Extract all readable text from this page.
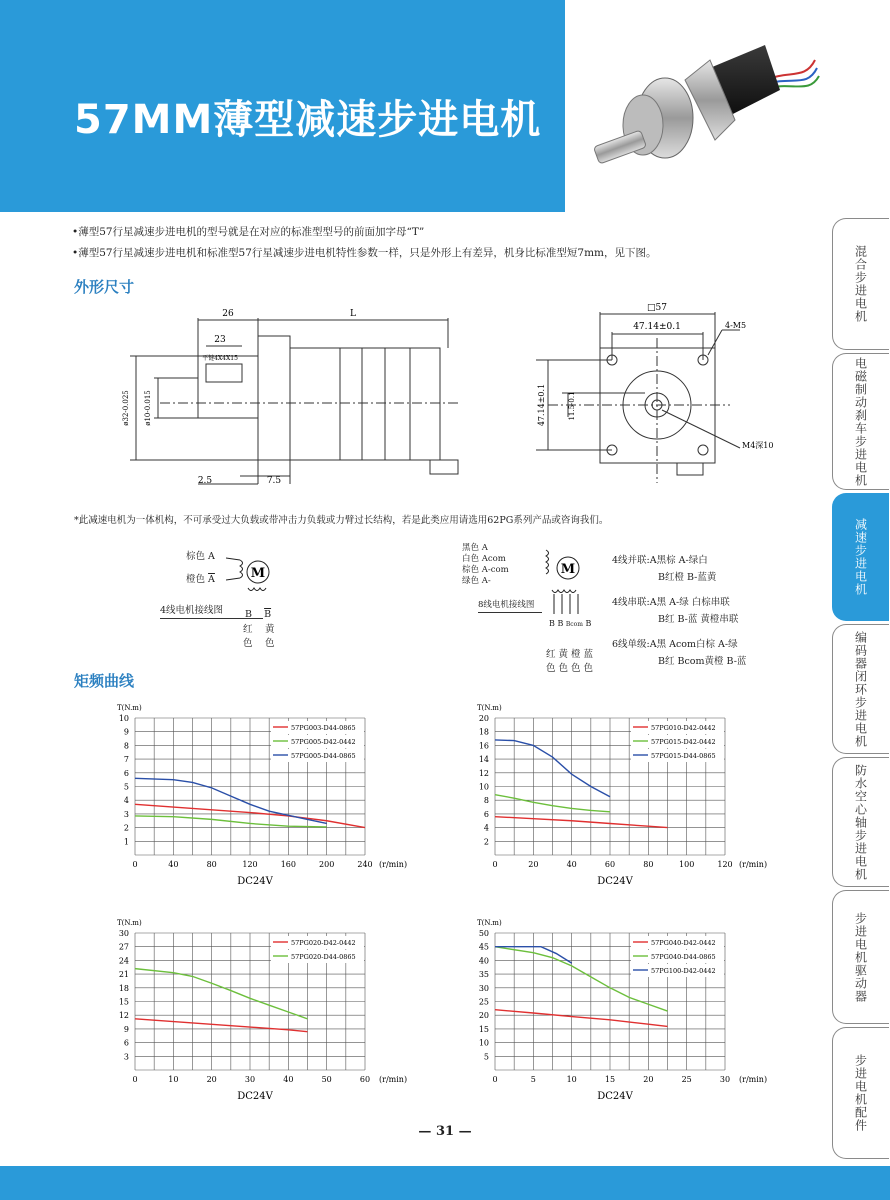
57MM薄型减速步进电机
•薄型57行星减速步进电机的型号就是在对应的标准型型号的前面加字母“T”
•薄型57行星减速步进电机和标准型57行星减速步进电机特性参数一样，只是外形上有差异，机身比标准型短7mm，见下图。
外形尺寸
26	L
23
平键4X4X15
ø32-0.025 ø10-0.015
2.5	7.5
□57
47.14±0.1	4-M5
47.14±0.1	11.5-0.1
M4深10
*此减速电机为一体机构，不可承受过大负载或带冲击力负载或力臂过长结构，若是此类应用请选用62PG系列产品或咨询我们。
棕色 A
橙色 $\overline{A}$	M
4线电机接线图	B $\overline{B}$
红色
黄色
黑色 A
白色 Acom
棕色 A-com
绿色 A-
M
8线电机接线图
B B Bcom B
红 黄 橙 蓝
色 色 色 色
4线并联:A黑棕 A-绿白
B红橙 B-蓝黄
4线串联:A黑 A-绿 白棕串联
B红 B-蓝 黄橙串联
6线单级:A黑 Acom白棕 A-绿
B红 Bcom黄橙 B-蓝
矩频曲线
1
2
3
4
5
6
7
8
9
10
0	40	80	120	160	200	240
T(N.m)
(r/min)
DC24V
57PG003-D44-0865
57PG005-D42-0442
57PG005-D44-0865
2
4
6
8
10
12
14
16
18
20
0	20	40	60	80	100	120
T(N.m)
(r/min)
DC24V
57PG010-D42-0442
57PG015-D42-0442
57PG015-D44-0865
3
6
9
12
15
18
21
24
27
30
0	10	20	30	40	50	60
T(N.m)
(r/min)
DC24V
57PG020-D42-0442
57PG020-D44-0865
5
10
15
20
25
30
35
40
45
50
0	5	10	15	20	25	30
T(N.m)
(r/min)
DC24V
57PG040-D42-0442
57PG040-D44-0865
57PG100-D42-0442
— 31 —
混合步进电机
电磁制动刹车步进电机
减速步进电机
编码器闭环步进电机
防水空心轴步进电机
步进电机驱动器
步进电机配件
